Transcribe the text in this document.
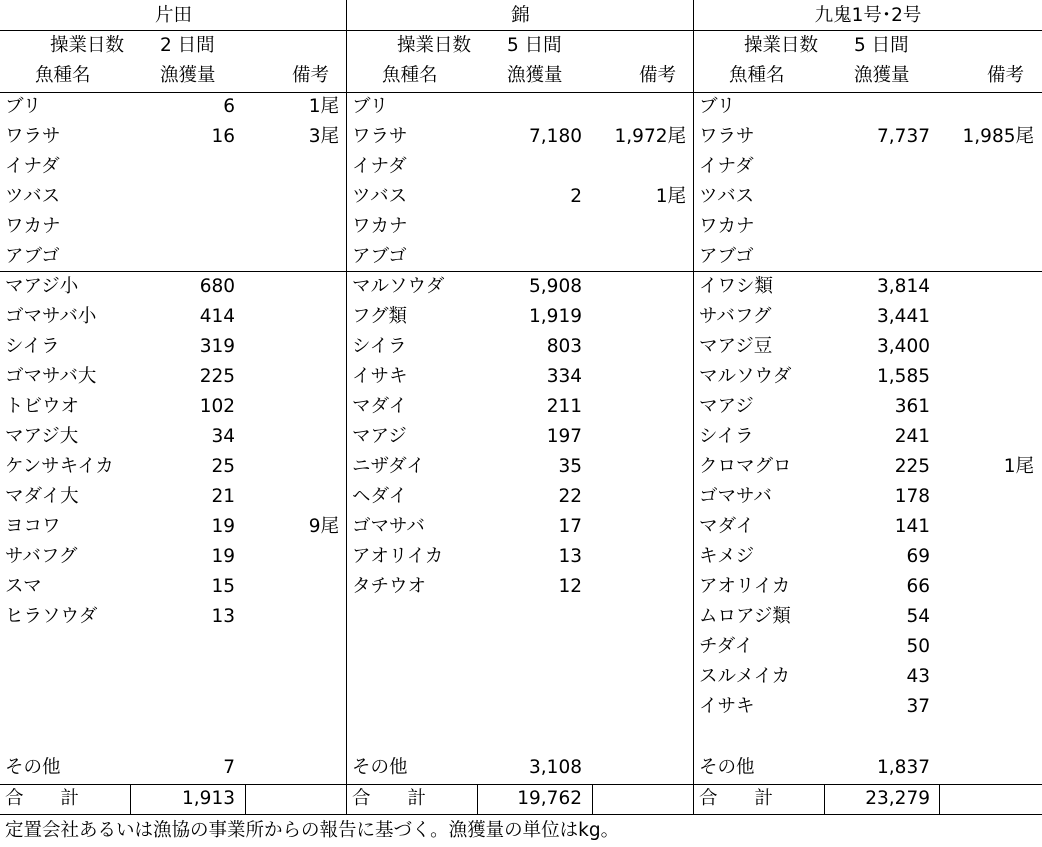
片田
操業日数 2 日間
魚種名	漁獲量	備考
ブリ	6	1尾
ワラサ	16	3尾
イナダ
ツバス
ワカナ
アブゴ
マアジ小	680
ゴマサバ小	414
シイラ	319
ゴマサバ大	225
トビウオ	102
マアジ大	34
ケンサキイカ	25
マダイ大	21
ヨコワ	19	9尾
サバフグ	19
スマ	15
ヒラソウダ	13
その他	7
合　　計	1,913
錦
操業日数 5 日間
魚種名	漁獲量	備考
ブリ
ワラサ	7,180 1,972尾
イナダ
ツバス	2	1尾
ワカナ
アブゴ
マルソウダ	5,908
フグ類	1,919
シイラ	803
イサキ	334
マダイ	211
マアジ	197
ニザダイ	35
ヘダイ	22
ゴマサバ	17
アオリイカ	13
タチウオ	12
その他	3,108
合　　計	19,762
九鬼1号･2号
操業日数 5 日間
魚種名	漁獲量	備考
ブリ
ワラサ	7,737 1,985尾
イナダ
ツバス
ワカナ
アブゴ
イワシ類	3,814
サバフグ	3,441
マアジ豆	3,400
マルソウダ	1,585
マアジ	361
シイラ	241
クロマグロ	225	1尾
ゴマサバ	178
マダイ	141
キメジ	69
アオリイカ	66
ムロアジ類	54
チダイ	50
スルメイカ	43
イサキ	37
その他	1,837
合　　計	23,279
定置会社あるいは漁協の事業所からの報告に基づく。漁獲量の単位はkg。
